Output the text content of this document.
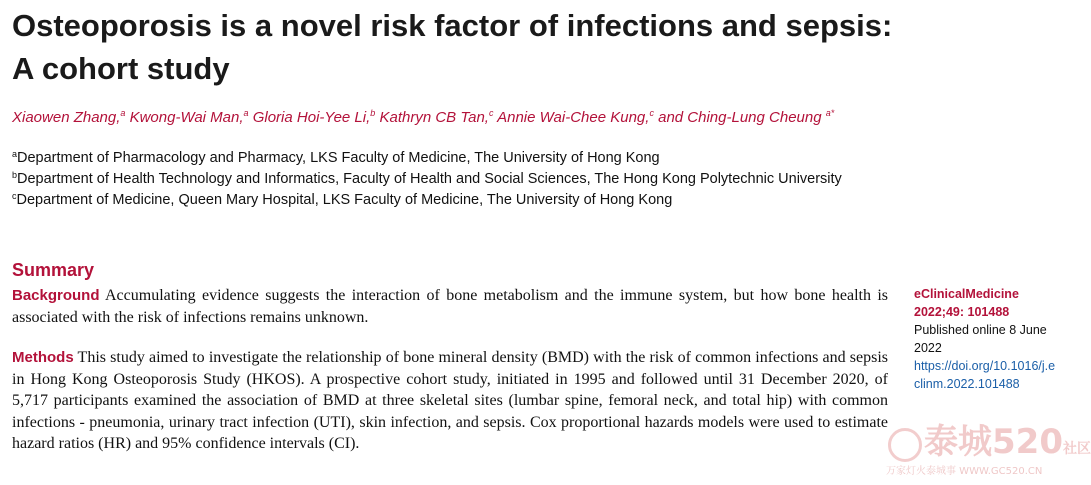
Osteoporosis is a novel risk factor of infections and sepsis: A cohort study
Xiaowen Zhang,$^a$ Kwong-Wai Man,$^a$ Gloria Hoi-Yee Li,$^b$ Kathryn CB Tan,$^c$ Annie Wai-Chee Kung,$^c$ and Ching-Lung Cheung $^{a*}$
$^a$Department of Pharmacology and Pharmacy, LKS Faculty of Medicine, The University of Hong Kong
$^b$Department of Health Technology and Informatics, Faculty of Health and Social Sciences, The Hong Kong Polytechnic University
$^c$Department of Medicine, Queen Mary Hospital, LKS Faculty of Medicine, The University of Hong Kong
Summary

Background Accumulating evidence suggests the interaction of bone metabolism and the immune system, but how bone health is associated with the risk of infections remains unknown.

Methods This study aimed to investigate the relationship of bone mineral density (BMD) with the risk of common infections and sepsis in Hong Kong Osteoporosis Study (HKOS). A prospective cohort study, initiated in 1995 and followed until 31 December 2020, of 5,717 participants examined the association of BMD at three skeletal sites (lumbar spine, femoral neck, and total hip) with common infections - pneumonia, urinary tract infection (UTI), skin infection, and sepsis. Cox proportional hazards models were used to estimate hazard ratios (HR) and 95% confidence intervals (CI).

eClinicalMedicine 2022;49: 101488
Published online 8 June 2022
https://doi.org/10.1016/j.eclinm.2022.101488
泰城520社区
万家灯火泰城事 WWW.GC520.CN
